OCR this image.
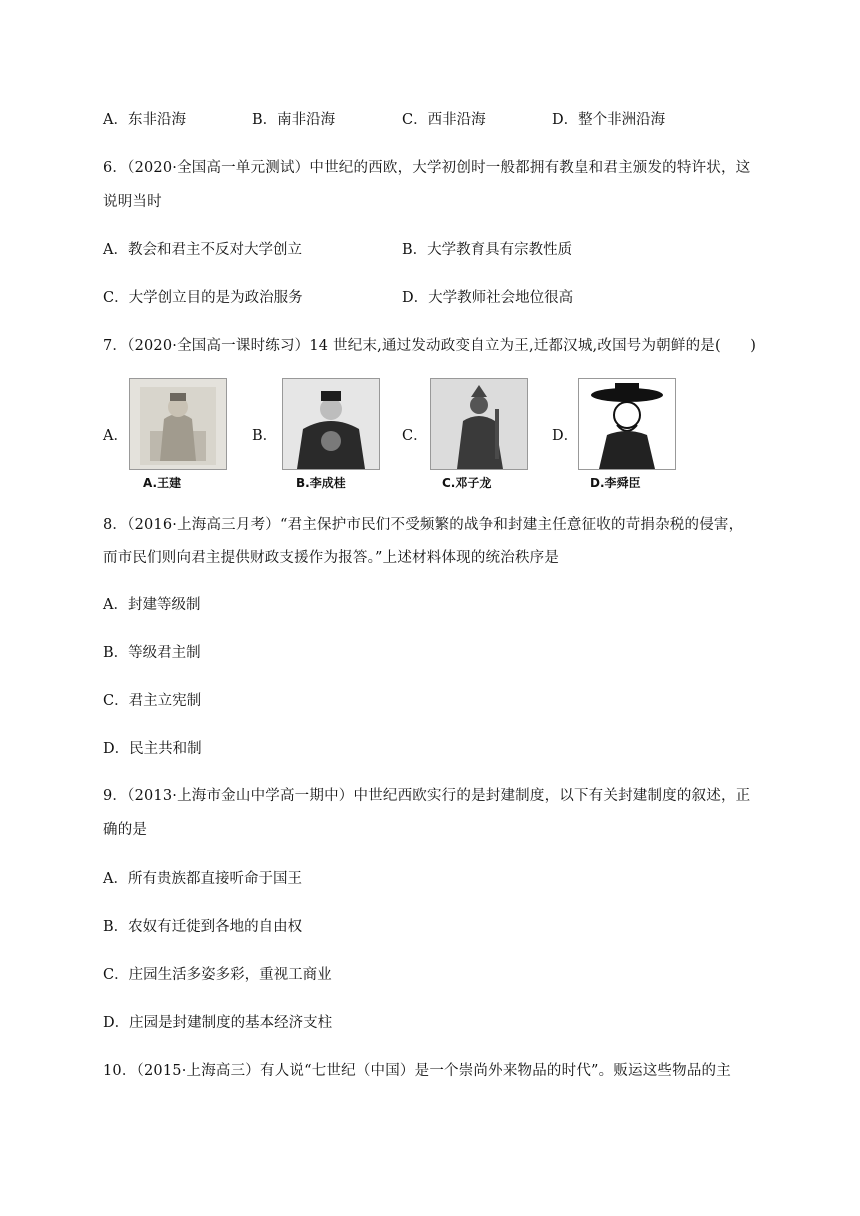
A．东非沿海	B．南非沿海	C．西非沿海	D．整个非洲沿海
6．（2020·全国高一单元测试）中世纪的西欧，大学初创时一般都拥有教皇和君主颁发的特许状，这
说明当时
A．教会和君主不反对大学创立	B．大学教育具有宗教性质
C．大学创立目的是为政治服务	D．大学教师社会地位很高
7．（2020·全国高一课时练习）14 世纪末,通过发动政变自立为王,迁都汉城,改国号为朝鲜的是(　　)
A．
A.王建
B．
B.李成桂
C．
C.邓子龙
D．
D.李舜臣
8．（2016·上海高三月考）“君主保护市民们不受频繁的战争和封建主任意征收的苛捐杂税的侵害，
而市民们则向君主提供财政支援作为报答。”上述材料体现的统治秩序是
A．封建等级制
B．等级君主制
C．君主立宪制
D．民主共和制
9．（2013·上海市金山中学高一期中）中世纪西欧实行的是封建制度，以下有关封建制度的叙述，正
确的是
A．所有贵族都直接听命于国王
B．农奴有迁徙到各地的自由权
C．庄园生活多姿多彩，重视工商业
D．庄园是封建制度的基本经济支柱
10．（2015·上海高三）有人说“七世纪（中国）是一个崇尚外来物品的时代”。贩运这些物品的主
